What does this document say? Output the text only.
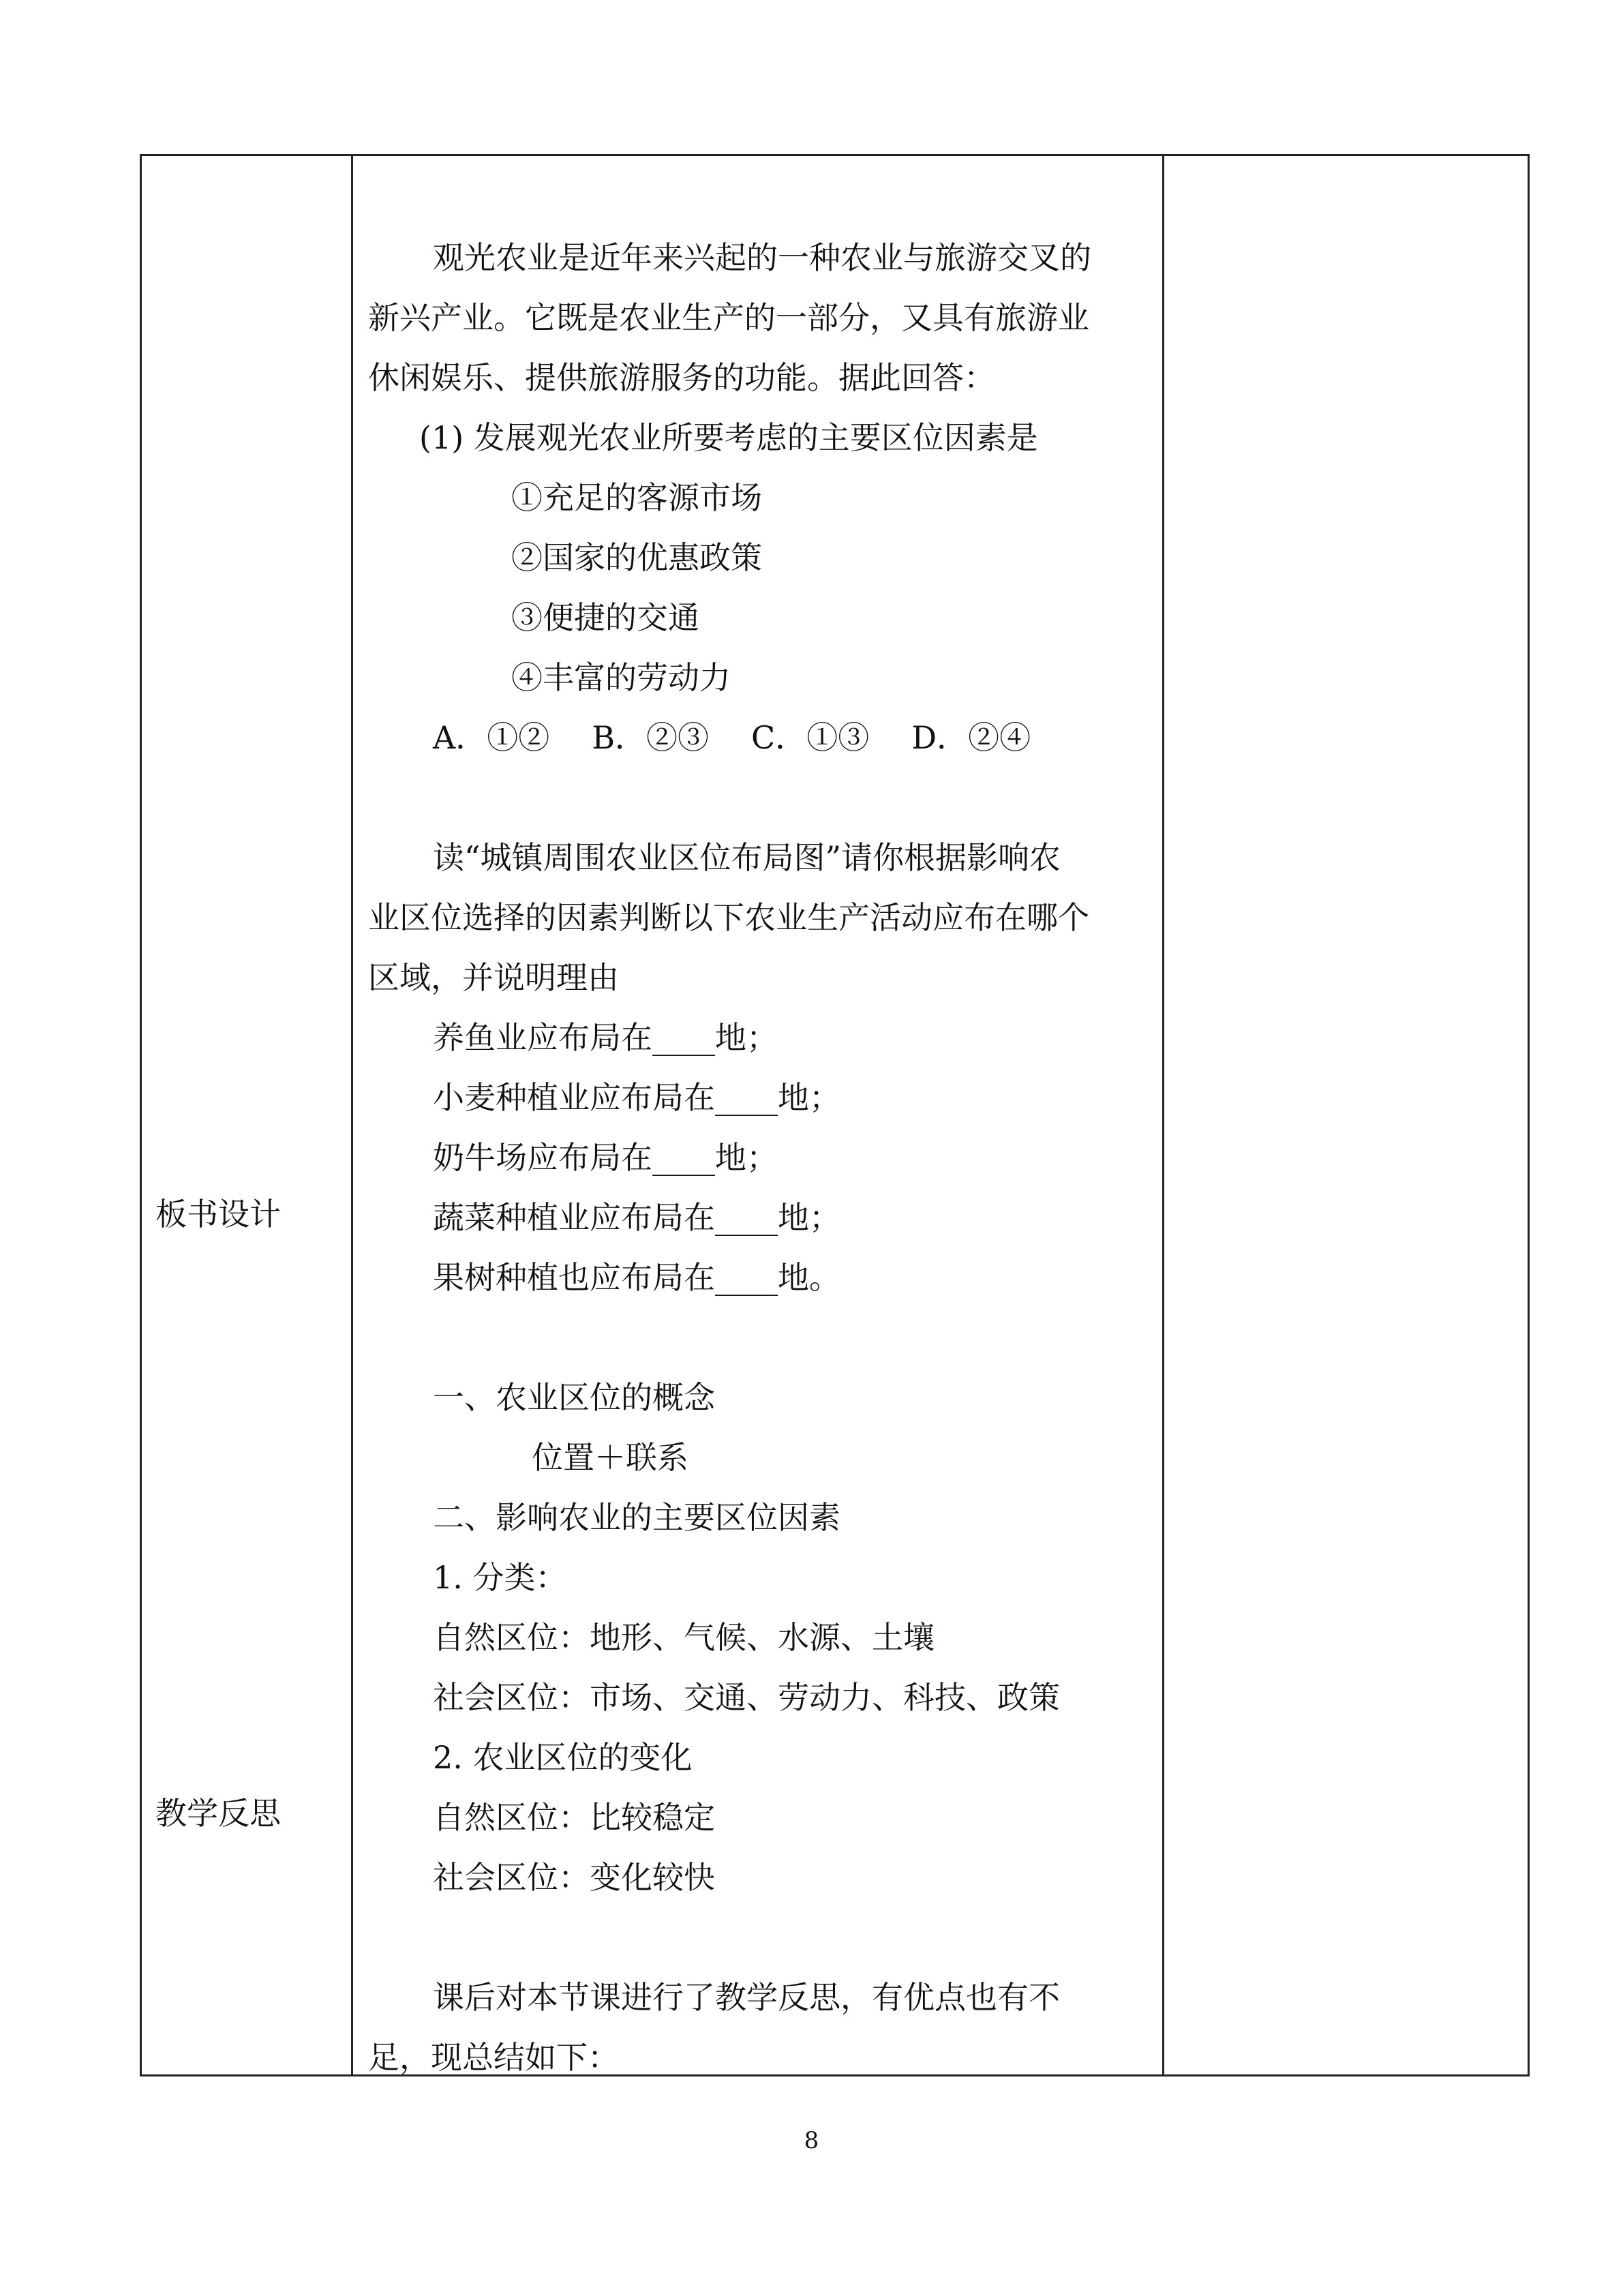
板书设计
教学反思
观光农业是近年来兴起的一种农业与旅游交叉的
新兴产业。它既是农业生产的一部分，又具有旅游业
休闲娱乐、提供旅游服务的功能。据此回答：
(1) 发展观光农业所要考虑的主要区位因素是
①充足的客源市场
②国家的优惠政策
③便捷的交通
④丰富的劳动力
A．①② B．②③ C．①③ D．②④
读“城镇周围农业区位布局图”请你根据影响农
业区位选择的因素判断以下农业生产活动应布在哪个
区域，并说明理由
养鱼业应布局在____地；
小麦种植业应布局在____地；
奶牛场应布局在____地；
蔬菜种植业应布局在____地；
果树种植也应布局在____地。
一、农业区位的概念
位置＋联系
二、影响农业的主要区位因素
1. 分类：
自然区位：地形、气候、水源、土壤
社会区位：市场、交通、劳动力、科技、政策
2. 农业区位的变化
自然区位：比较稳定
社会区位：变化较快
课后对本节课进行了教学反思，有优点也有不
足，现总结如下：
8
